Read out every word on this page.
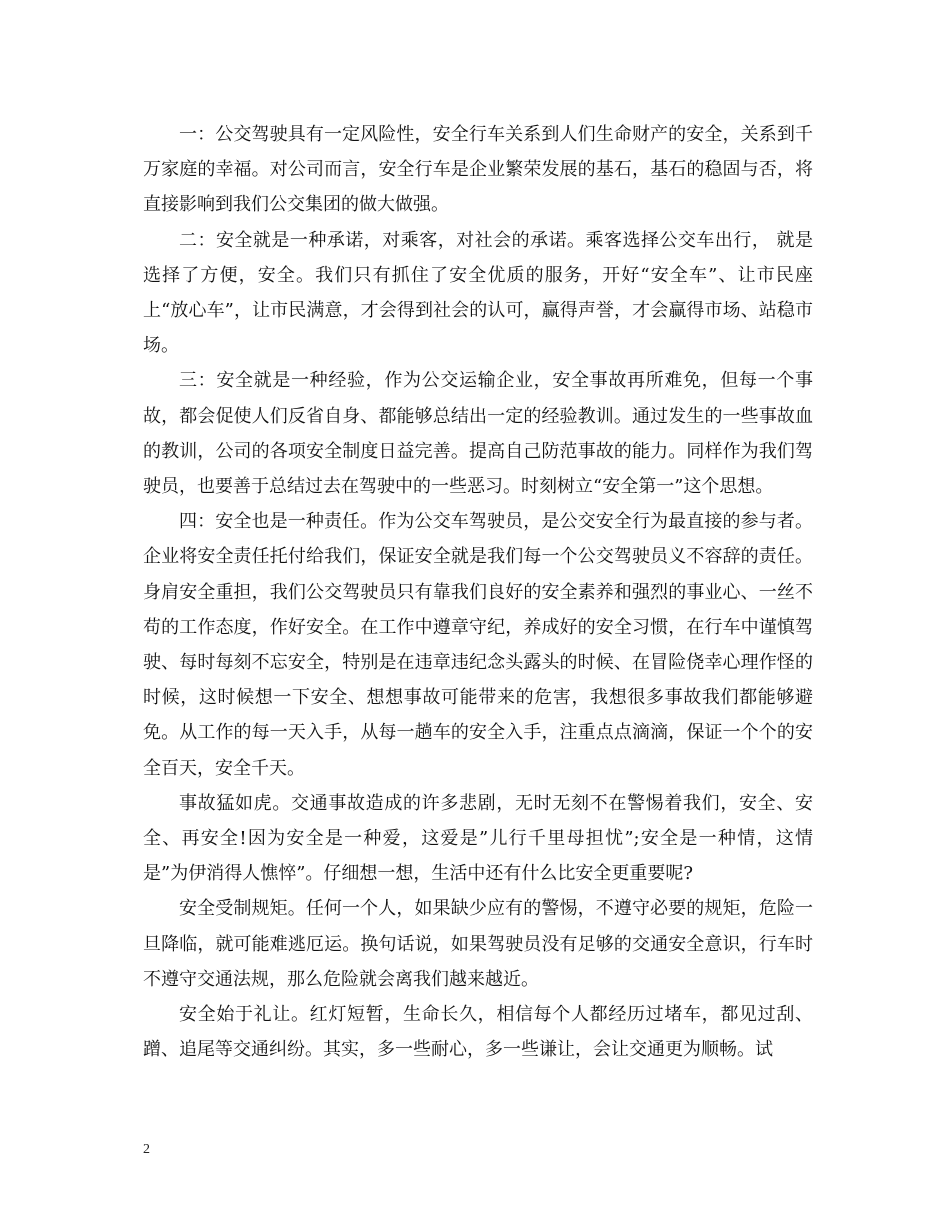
一：公交驾驶具有一定风险性，安全行车关系到人们生命财产的安全，关系到千万家庭的幸福。对公司而言，安全行车是企业繁荣发展的基石，基石的稳固与否，将直接影响到我们公交集团的做大做强。

二：安全就是一种承诺，对乘客，对社会的承诺。乘客选择公交车出行， 就是选择了方便，安全。我们只有抓住了安全优质的服务，开好“安全车”、让市民座上“放心车”，让市民满意，才会得到社会的认可，赢得声誉，才会赢得市场、站稳市场。

三：安全就是一种经验，作为公交运输企业，安全事故再所难免，但每一个事故，都会促使人们反省自身、都能够总结出一定的经验教训。通过发生的一些事故血的教训，公司的各项安全制度日益完善。提高自己防范事故的能力。同样作为我们驾驶员，也要善于总结过去在驾驶中的一些恶习。时刻树立“安全第一”这个思想。

四：安全也是一种责任。作为公交车驾驶员，是公交安全行为最直接的参与者。企业将安全责任托付给我们，保证安全就是我们每一个公交驾驶员义不容辞的责任。身肩安全重担，我们公交驾驶员只有靠我们良好的安全素养和强烈的事业心、一丝不苟的工作态度，作好安全。在工作中遵章守纪，养成好的安全习惯，在行车中谨慎驾驶、每时每刻不忘安全，特别是在违章违纪念头露头的时候、在冒险侥幸心理作怪的时候，这时候想一下安全、想想事故可能带来的危害，我想很多事故我们都能够避免。从工作的每一天入手，从每一趟车的安全入手，注重点点滴滴，保证一个个的安全百天，安全千天。

事故猛如虎。交通事故造成的许多悲剧，无时无刻不在警惕着我们，安全、安全、再安全!因为安全是一种爱，这爱是”儿行千里母担忧”;安全是一种情，这情是”为伊消得人憔悴”。仔细想一想，生活中还有什么比安全更重要呢?

安全受制规矩。任何一个人，如果缺少应有的警惕，不遵守必要的规矩，危险一旦降临，就可能难逃厄运。换句话说，如果驾驶员没有足够的交通安全意识，行车时不遵守交通法规，那么危险就会离我们越来越近。

安全始于礼让。红灯短暂，生命长久，相信每个人都经历过堵车，都见过刮、蹭、追尾等交通纠纷。其实，多一些耐心，多一些谦让，会让交通更为顺畅。试

2
